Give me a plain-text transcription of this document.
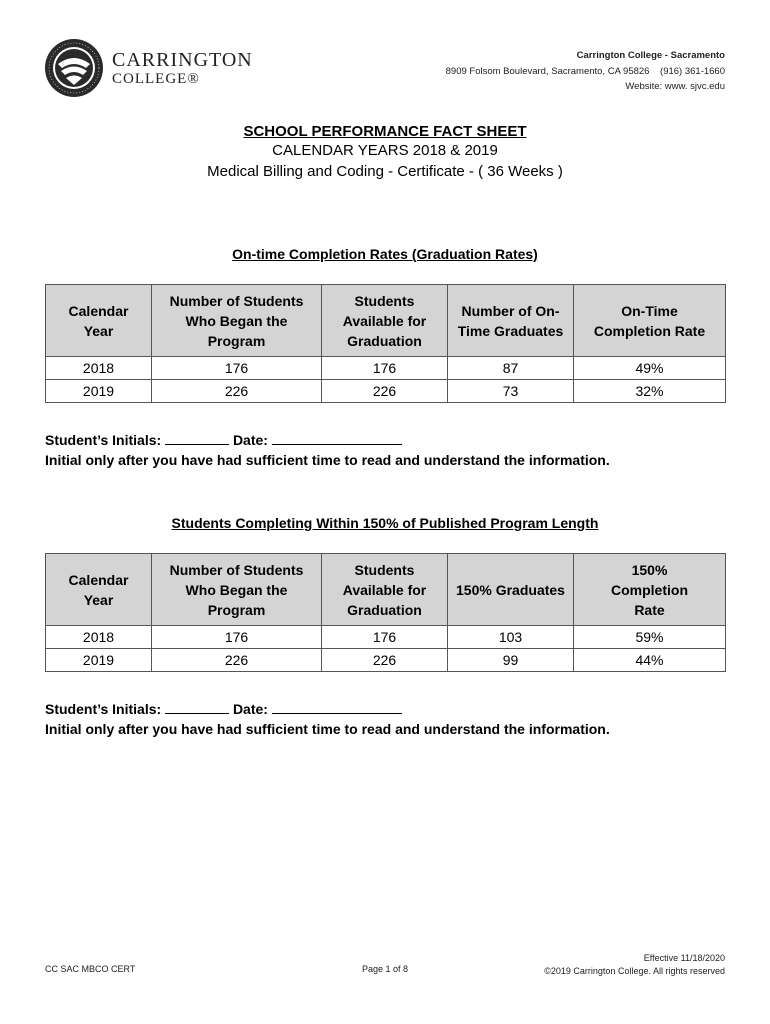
CARRINGTON
COLLEGE®
Carrington College - Sacramento
8909 Folsom Boulevard, Sacramento, CA 95826    (916) 361-1660
Website: www. sjvc.edu
SCHOOL PERFORMANCE FACT SHEET
CALENDAR YEARS 2018 & 2019
Medical Billing and Coding - Certificate - ( 36 Weeks )
On-time Completion Rates (Graduation Rates)
Calendar Year	Number of Students Who Began the Program	Students Available for Graduation	Number of On-Time Graduates	On-Time Completion Rate
2018	176	176	87	49%
2019	226	226	73	32%
Student’s Initials:	Date:
Initial only after you have had sufficient time to read and understand the information.
Students Completing Within 150% of Published Program Length
Calendar Year	Number of Students Who Began the Program	Students Available for Graduation	150% Graduates	150% Completion Rate
2018	176	176	103	59%
2019	226	226	99	44%
Student’s Initials:	Date:
Initial only after you have had sufficient time to read and understand the information.
CC SAC MBCO CERT	Page 1 of 8
Effective 11/18/2020
©2019 Carrington College. All rights reserved
